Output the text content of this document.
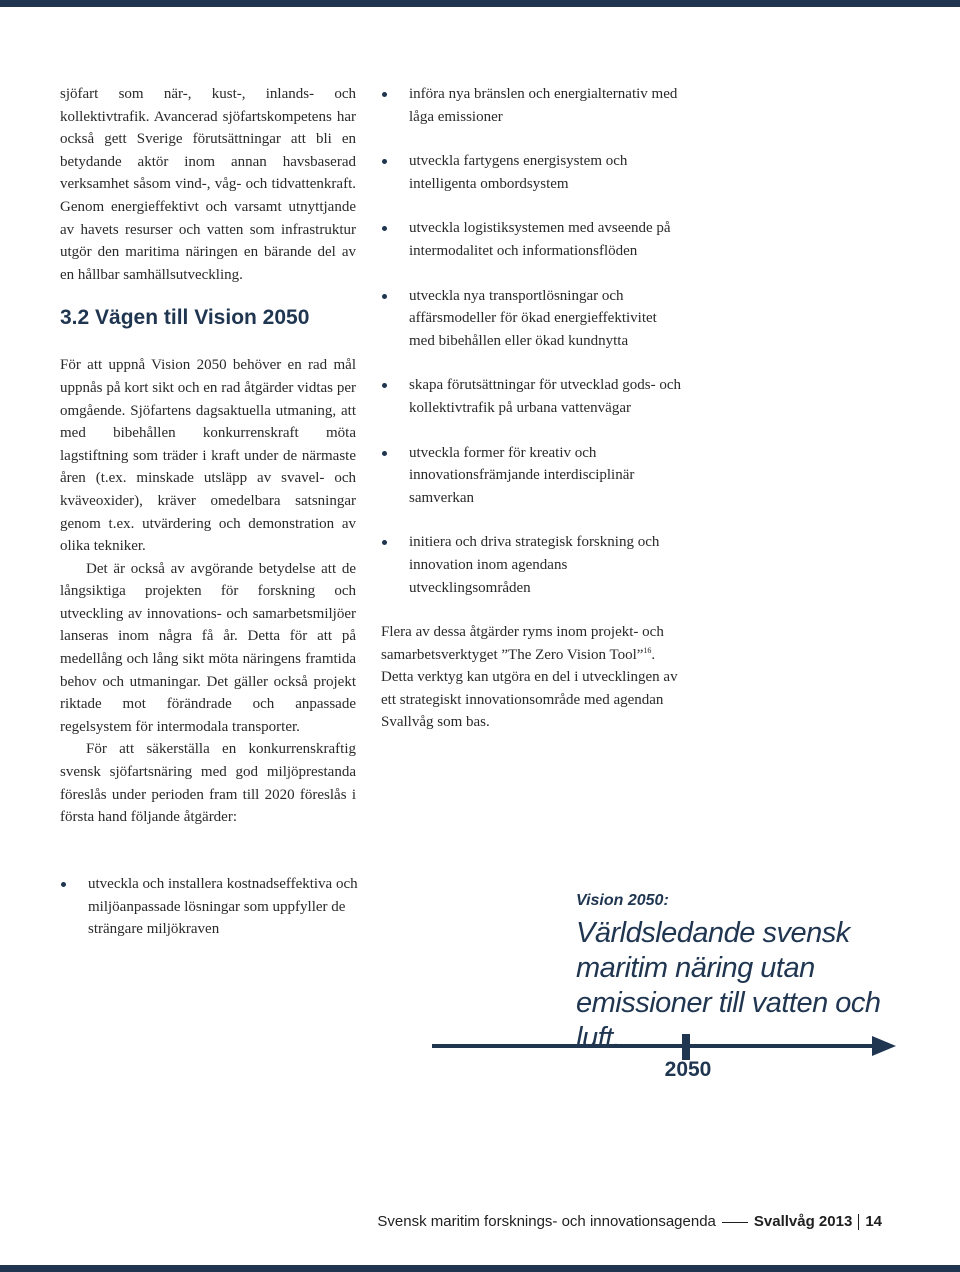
sjöfart som när-, kust-, inlands- och kollektivtrafik. Avancerad sjöfartskompetens har också gett Sverige förutsättningar att bli en betydande aktör inom annan havsbaserad verksamhet såsom vind-, våg- och tidvattenkraft. Genom energieffektivt och varsamt utnyttjande av havets resurser och vatten som infrastruktur utgör den maritima näringen en bärande del av en hållbar samhällsutveckling.

3.2 Vägen till Vision 2050

För att uppnå Vision 2050 behöver en rad mål uppnås på kort sikt och en rad åtgärder vidtas per omgående. Sjöfartens dagsaktuella utmaning, att med bibehållen konkurrenskraft möta lagstiftning som träder i kraft under de närmaste åren (t.ex. minskade utsläpp av svavel- och kväveoxider), kräver omedelbara satsningar genom t.ex. utvärdering och demonstration av olika tekniker.

Det är också av avgörande betydelse att de långsiktiga projekten för forskning och utveckling av innovations- och samarbetsmiljöer lanseras inom några få år. Detta för att på medellång och lång sikt möta näringens framtida behov och utmaningar. Det gäller också projekt riktade mot förändrade och anpassade regelsystem för intermodala transporter.

För att säkerställa en konkurrenskraftig svensk sjöfartsnäring med god miljöprestanda föreslås under perioden fram till 2020 föreslås i första hand följande åtgärder:

utveckla och installera kostnadseffektiva och miljöanpassade lösningar som uppfyller de strängare miljökraven
införa nya bränslen och energialternativ med låga emissioner
utveckla fartygens energisystem och intelligenta ombordsystem
utveckla logistiksystemen med avseende på intermodalitet och informationsflöden
utveckla nya transportlösningar och affärsmodeller för ökad energieffektivitet med bibehållen eller ökad kundnytta
skapa förutsättningar för utvecklad gods- och kollektivtrafik på urbana vattenvägar
utveckla former för kreativ och innovationsfrämjande interdisciplinär samverkan
initiera och driva strategisk forskning och innovation inom agendans utvecklingsområden

Flera av dessa åtgärder ryms inom projekt- och samarbetsverktyget ”The Zero Vision Tool”$^{16}$. Detta verktyg kan utgöra en del i utvecklingen av ett strategiskt innovationsområde med agendan Svallvåg som bas.

Vision 2050:
Världsledande svensk maritim näring utan emissioner till vatten och luft.
2050
Svensk maritim forsknings- och innovationsagenda	Svallvåg 2013 14
